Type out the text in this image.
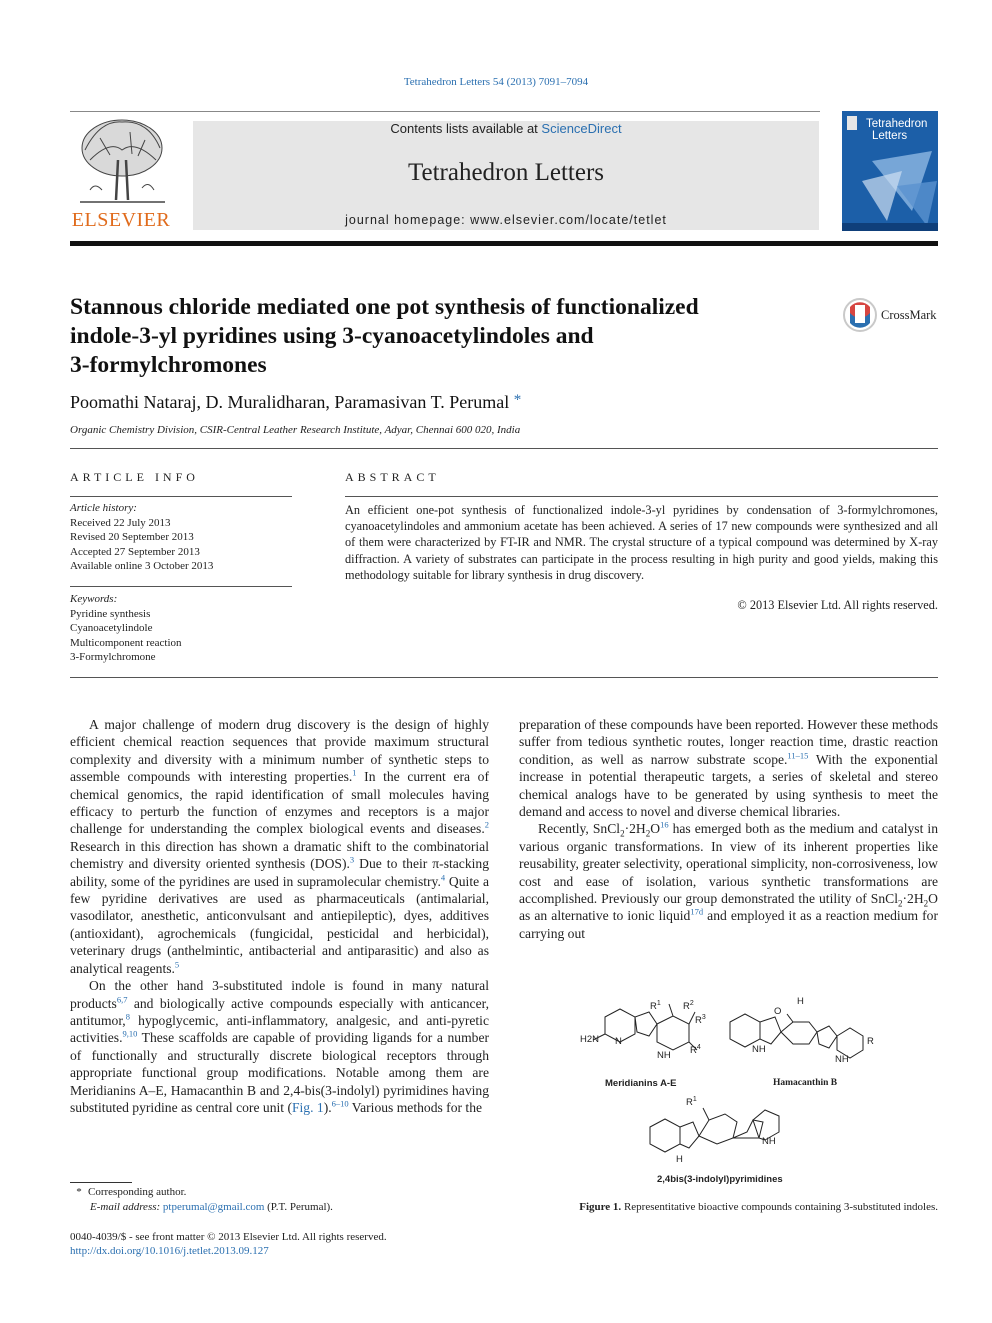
Tetrahedron Letters 54 (2013) 7091–7094
ELSEVIER
Contents lists available at ScienceDirect
Tetrahedron Letters
journal homepage: www.elsevier.com/locate/tetlet
Tetrahedron
Letters
Stannous chloride mediated one pot synthesis of functionalized
indole-3-yl pyridines using 3-cyanoacetylindoles and
3-formylchromones
CrossMark
Poomathi Nataraj, D. Muralidharan, Paramasivan T. Perumal *
Organic Chemistry Division, CSIR-Central Leather Research Institute, Adyar, Chennai 600 020, India
ARTICLE INFO
Article history:
Received 22 July 2013
Revised 20 September 2013
Accepted 27 September 2013
Available online 3 October 2013
Keywords:
Pyridine synthesis
Cyanoacetylindole
Multicomponent reaction
3-Formylchromone
ABSTRACT
An efficient one-pot synthesis of functionalized indole-3-yl pyridines by condensation of 3-formylchromones, cyanoacetylindoles and ammonium acetate has been achieved. A series of 17 new compounds were synthesized and all of them were characterized by FT-IR and NMR. The crystal structure of a typical compound was determined by X-ray diffraction. A variety of substrates can participate in the process resulting in high purity and good yields, making this methodology suitable for library synthesis in drug discovery.
© 2013 Elsevier Ltd. All rights reserved.

A major challenge of modern drug discovery is the design of highly efficient chemical reaction sequences that provide maximum structural complexity and diversity with a minimum number of synthetic steps to assemble compounds with interesting properties.$^1$ In the current era of chemical genomics, the rapid identification of small molecules having efficacy to perturb the function of enzymes and receptors is a major challenge for understanding the complex biological events and diseases.$^2$ Research in this direction has shown a dramatic shift to the combinatorial chemistry and diversity oriented synthesis (DOS).$^3$ Due to their π-stacking ability, some of the pyridines are used in supramolecular chemistry.$^4$ Quite a few pyridine derivatives are used as pharmaceuticals (antimalarial, vasodilator, anesthetic, anticonvulsant and antiepileptic), dyes, additives (antioxidant), agrochemicals (fungicidal, pesticidal and herbicidal), veterinary drugs (anthelmintic, antibacterial and antiparasitic) and also as analytical reagents.$^5$

On the other hand 3-substituted indole is found in many natural products$^{6,7}$ and biologically active compounds especially with anticancer, antitumor,$^8$ hypoglycemic, anti-inflammatory, analgesic, and anti-pyretic activities.$^{9,10}$ These scaffolds are capable of providing ligands for a number of functionally and structurally discrete biological receptors through appropriate functional group modifications. Notable among them are Meridianins A–E, Hamacanthin B and 2,4-bis(3-indolyl) pyrimidines having substituted pyridine as central core unit (Fig. 1).$^{6-10}$ Various methods for the

preparation of these compounds have been reported. However these methods suffer from tedious synthetic routes, longer reaction time, drastic reaction condition, as well as narrow substrate scope.$^{11-15}$ With the exponential increase in potential therapeutic targets, a series of skeletal and stereo chemical analogs have to be generated by using synthesis to meet the demand and access to novel and diverse chemical libraries.

Recently, $SnCl_2\cdot 2H_2O^{16}$ has emerged both as the medium and catalyst in various organic transformations. In view of its inherent properties like reusability, greater selectivity, operational simplicity, non-corrosiveness, low cost and ease of isolation, various synthetic transformations are accomplished. Previously our group demonstrated the utility of $SnCl_2\cdot 2H_2O$ as an alternative to ionic liquid$^{17d}$ and employed it as a reaction medium for carrying out

$R^1$ $R^2$
$R^3$
$R^4$
H2N N
NH
O
H
NH
NH
R
$R^1$
H
NH
Meridianins A-E	Hamacanthin B
2,4bis(3-indolyl)pyrimidines
Figure 1. Representitative bioactive compounds containing 3-substituted indoles.
* Corresponding author.
E-mail address: ptperumal@gmail.com (P.T. Perumal).
0040-4039/$ - see front matter © 2013 Elsevier Ltd. All rights reserved.
http://dx.doi.org/10.1016/j.tetlet.2013.09.127
